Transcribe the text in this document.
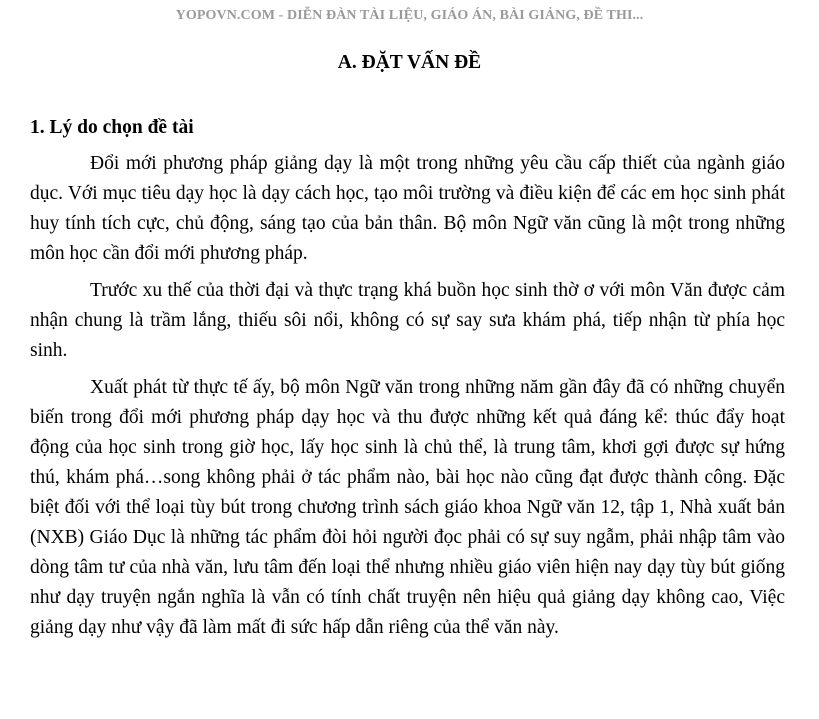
YOPOVN.COM - DIỄN ĐÀN TÀI LIỆU, GIÁO ÁN, BÀI GIẢNG, ĐỀ THI...
A. ĐẶT VẤN ĐỀ
1. Lý do chọn đề tài

Đổi mới phương pháp giảng dạy là một trong những yêu cầu cấp thiết của ngành giáo dục. Với mục tiêu dạy học là dạy cách học, tạo môi trường và điều kiện để các em học sinh phát huy tính tích cực, chủ động, sáng tạo của bản thân. Bộ môn Ngữ văn cũng là một trong những môn học cần đổi mới phương pháp.

Trước xu thế của thời đại và thực trạng khá buồn học sinh thờ ơ với môn Văn được cảm nhận chung là trầm lắng, thiếu sôi nổi, không có sự say sưa khám phá, tiếp nhận từ phía học sinh.

Xuất phát từ thực tế ấy, bộ môn Ngữ văn trong những năm gần đây đã có những chuyển biến trong đổi mới phương pháp dạy học và thu được những kết quả đáng kể: thúc đẩy hoạt động của học sinh trong giờ học, lấy học sinh là chủ thể, là trung tâm, khơi gợi được sự hứng thú, khám phá…song không phải ở tác phẩm nào, bài học nào cũng đạt được thành công. Đặc biệt đối với thể loại tùy bút trong chương trình sách giáo khoa Ngữ văn 12, tập 1, Nhà xuất bản (NXB) Giáo Dục là những tác phẩm đòi hỏi người đọc phải có sự suy ngẫm, phải nhập tâm vào dòng tâm tư của nhà văn, lưu tâm đến loại thể nhưng nhiều giáo viên hiện nay dạy tùy bút giống như dạy truyện ngắn nghĩa là vẫn có tính chất truyện nên hiệu quả giảng dạy không cao, Việc giảng dạy như vậy đã làm mất đi sức hấp dẫn riêng của thể văn này.
